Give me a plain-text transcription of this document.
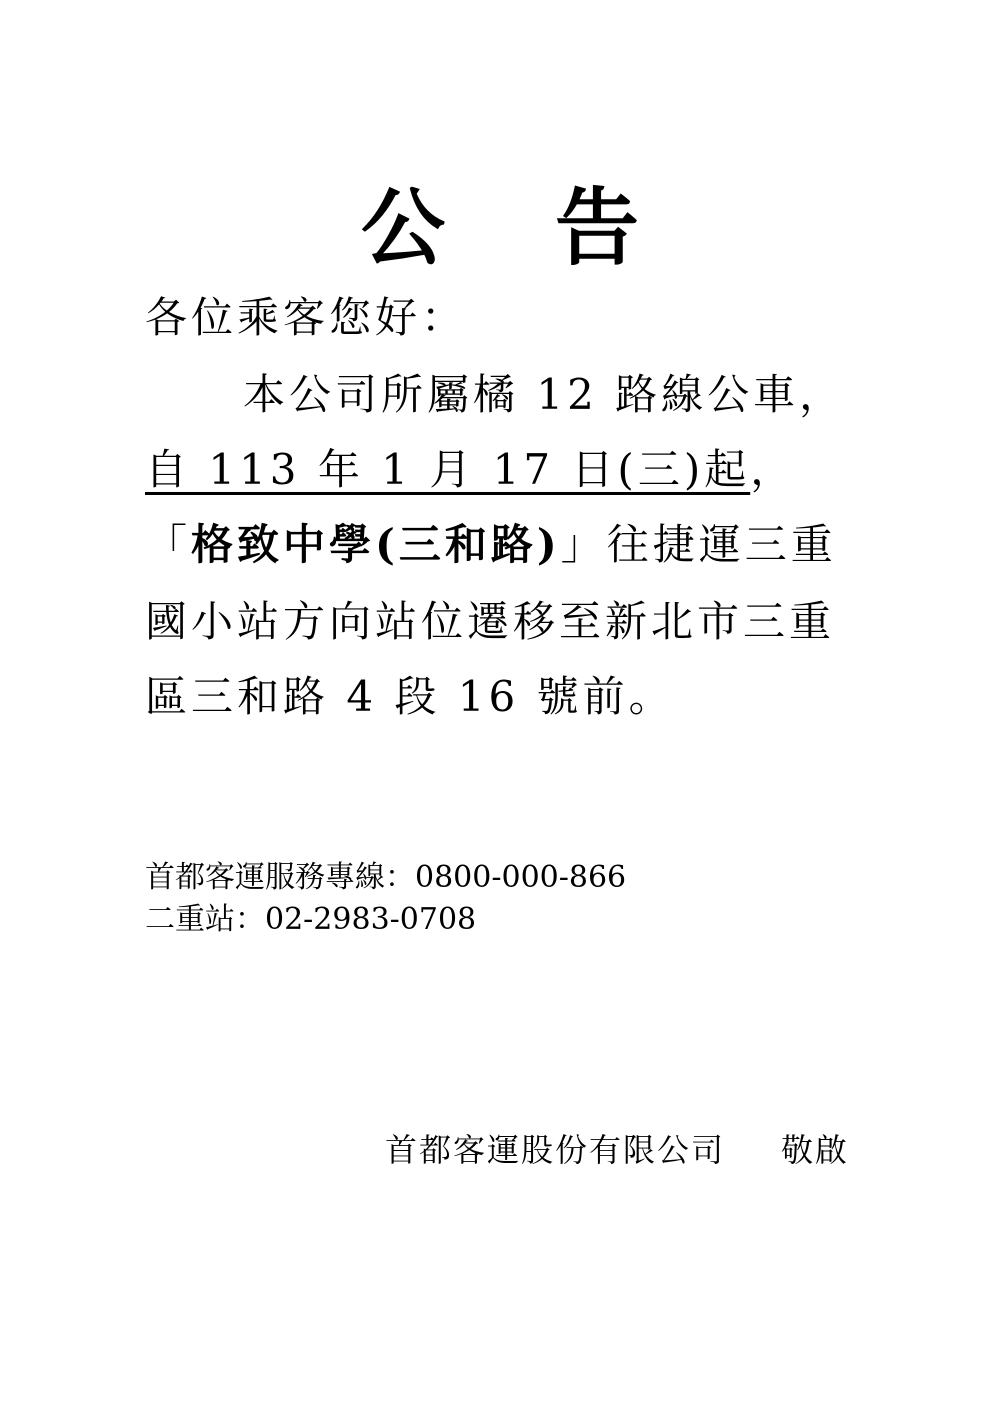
公 告
各位乘客您好：
本公司所屬橘 12 路線公車，
自 113 年 1 月 17 日(三)起，
「格致中學(三和路)」往捷運三重
國小站方向站位遷移至新北市三重
區三和路 4 段 16 號前。
首都客運服務專線：0800-000-866
二重站：02-2983-0708
首都客運股份有限公司 敬啟
